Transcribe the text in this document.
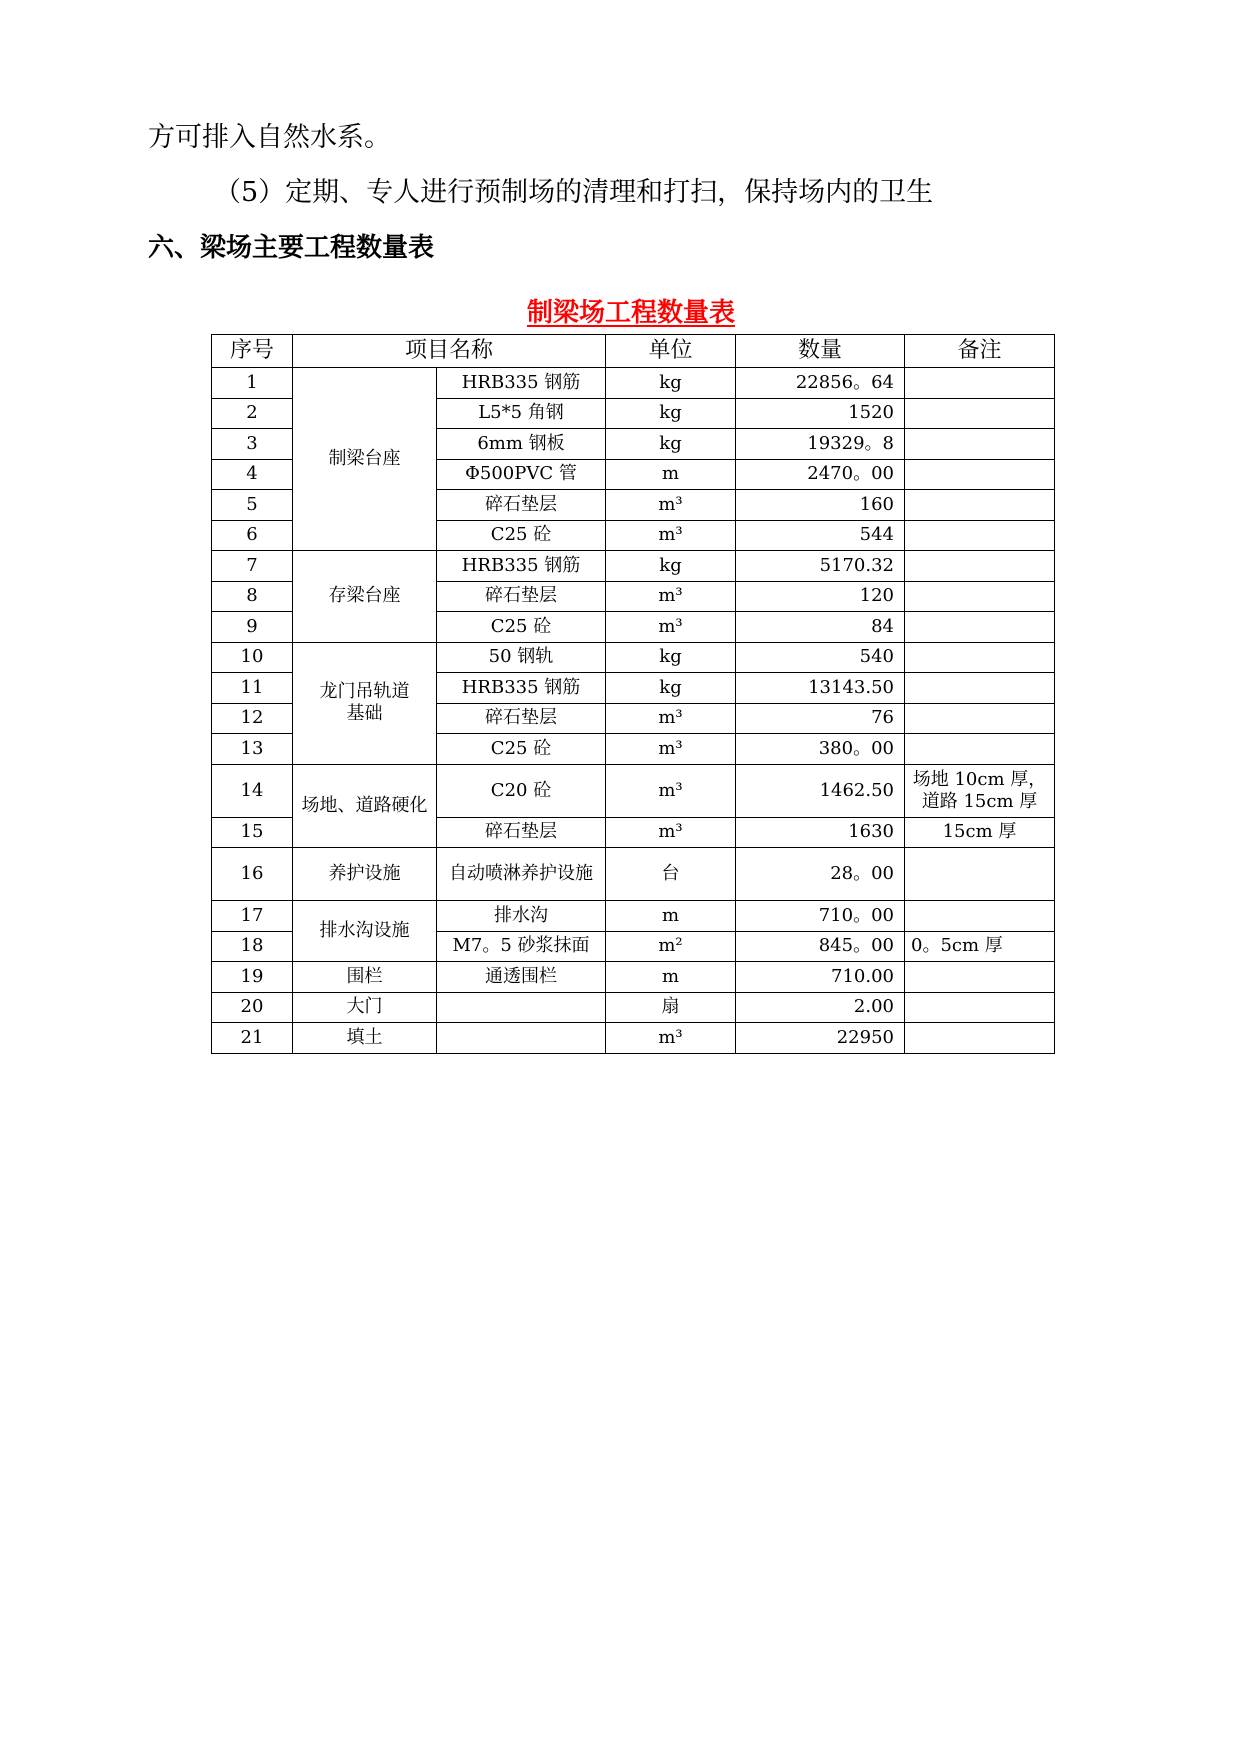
方可排入自然水系。
（5）定期、专人进行预制场的清理和打扫，保持场内的卫生
六、梁场主要工程数量表
制梁场工程数量表
序号	项目名称		单位	数量	备注
1	制梁台座	HRB335 钢筋	kg	22856。64	
2		L5*5 角钢	kg	1520	
3		6mm 钢板	kg	19329。8	
4		Φ500PVC 管	m	2470。00	
5		碎石垫层	m³	160	
6		C25 砼	m³	544	
7	存梁台座	HRB335 钢筋	kg	5170.32	
8		碎石垫层	m³	120	
9		C25 砼	m³	84	
10	龙门吊轨道基础	50 钢轨	kg	540	
11		HRB335 钢筋	kg	13143.50	
12		碎石垫层	m³	76	
13		C25 砼	m³	380。00	
14	场地、道路硬化	C20 砼	m³	1462.50	场地 10cm 厚，道路 15cm 厚
15		碎石垫层	m³	1630	15cm 厚
16	养护设施	自动喷淋养护设施	台	28。00	
17	排水沟设施	排水沟	m	710。00	
18		M7。5 砂浆抹面	m²	845。00	0。5cm 厚
19	围栏	通透围栏	m	710.00	
20	大门		扇	2.00	
21	填土		m³	22950	
